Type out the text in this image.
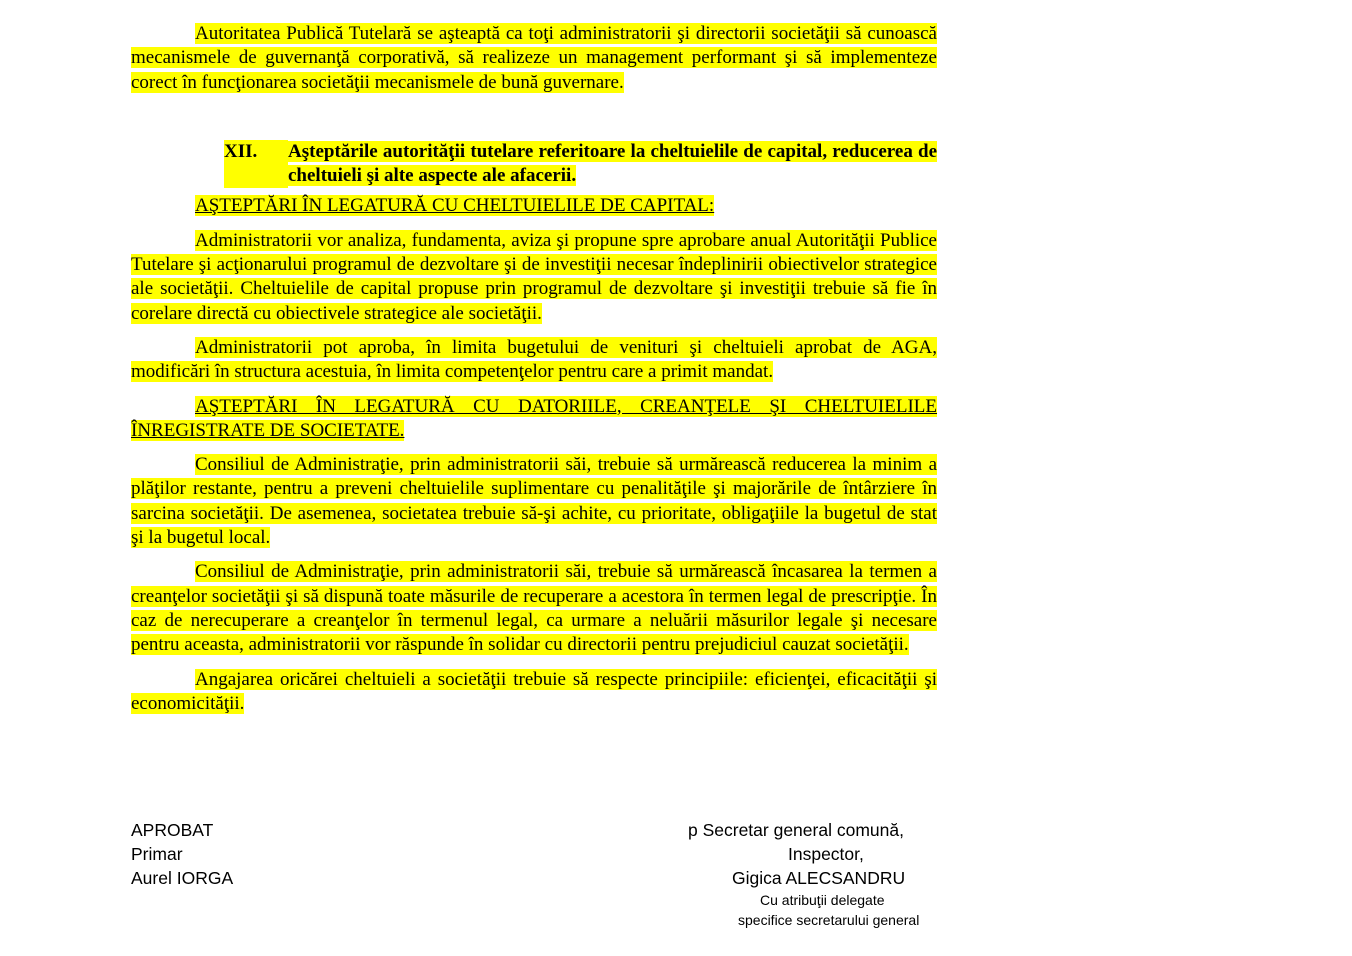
Autoritatea Publică Tutelară se aşteaptă ca toţi administratorii şi directorii societăţii să cunoască mecanismele de guvernanţă corporativă, să realizeze un management performant şi să implementeze corect în funcţionarea societăţii mecanismele de bună guvernare.

XII.	Aşteptările autorităţii tutelare referitoare la cheltuielile de capital, reducerea de cheltuieli şi alte aspecte ale afacerii.

AŞTEPTĂRI ÎN LEGATURĂ CU CHELTUIELILE DE CAPITAL:

Administratorii vor analiza, fundamenta, aviza şi propune spre aprobare anual Autorităţii Publice Tutelare şi acţionarului programul de dezvoltare şi de investiţii necesar îndeplinirii obiectivelor strategice ale societăţii. Cheltuielile de capital propuse prin programul de dezvoltare şi investiţii trebuie să fie în corelare directă cu obiectivele strategice ale societăţii.

Administratorii pot aproba, în limita bugetului de venituri şi cheltuieli aprobat de AGA, modificări în structura acestuia, în limita competenţelor pentru care a primit mandat.

AŞTEPTĂRI ÎN LEGATURĂ CU DATORIILE, CREANŢELE ŞI CHELTUIELILE ÎNREGISTRATE DE SOCIETATE.

Consiliul de Administraţie, prin administratorii săi, trebuie să urmărească reducerea la minim a plăţilor restante, pentru a preveni cheltuielile suplimentare cu penalităţile şi majorările de întârziere în sarcina societăţii. De asemenea, societatea trebuie să-şi achite, cu prioritate, obligaţiile la bugetul de stat şi la bugetul local.

Consiliul de Administraţie, prin administratorii săi, trebuie să urmărească încasarea la termen a creanţelor societăţii şi să dispună toate măsurile de recuperare a acestora în termen legal de prescripţie. În caz de nerecuperare a creanţelor în termenul legal, ca urmare a neluării măsurilor legale şi necesare pentru aceasta, administratorii vor răspunde în solidar cu directorii pentru prejudiciul cauzat societăţii.

Angajarea oricărei cheltuieli a societăţii trebuie să respecte principiile: eficienţei, eficacităţii şi economicităţii.

APROBAT
Primar
Aurel IORGA
p Secretar general comună,
Inspector,
Gigica ALECSANDRU
Cu atribuţii delegate
specifice secretarului general
